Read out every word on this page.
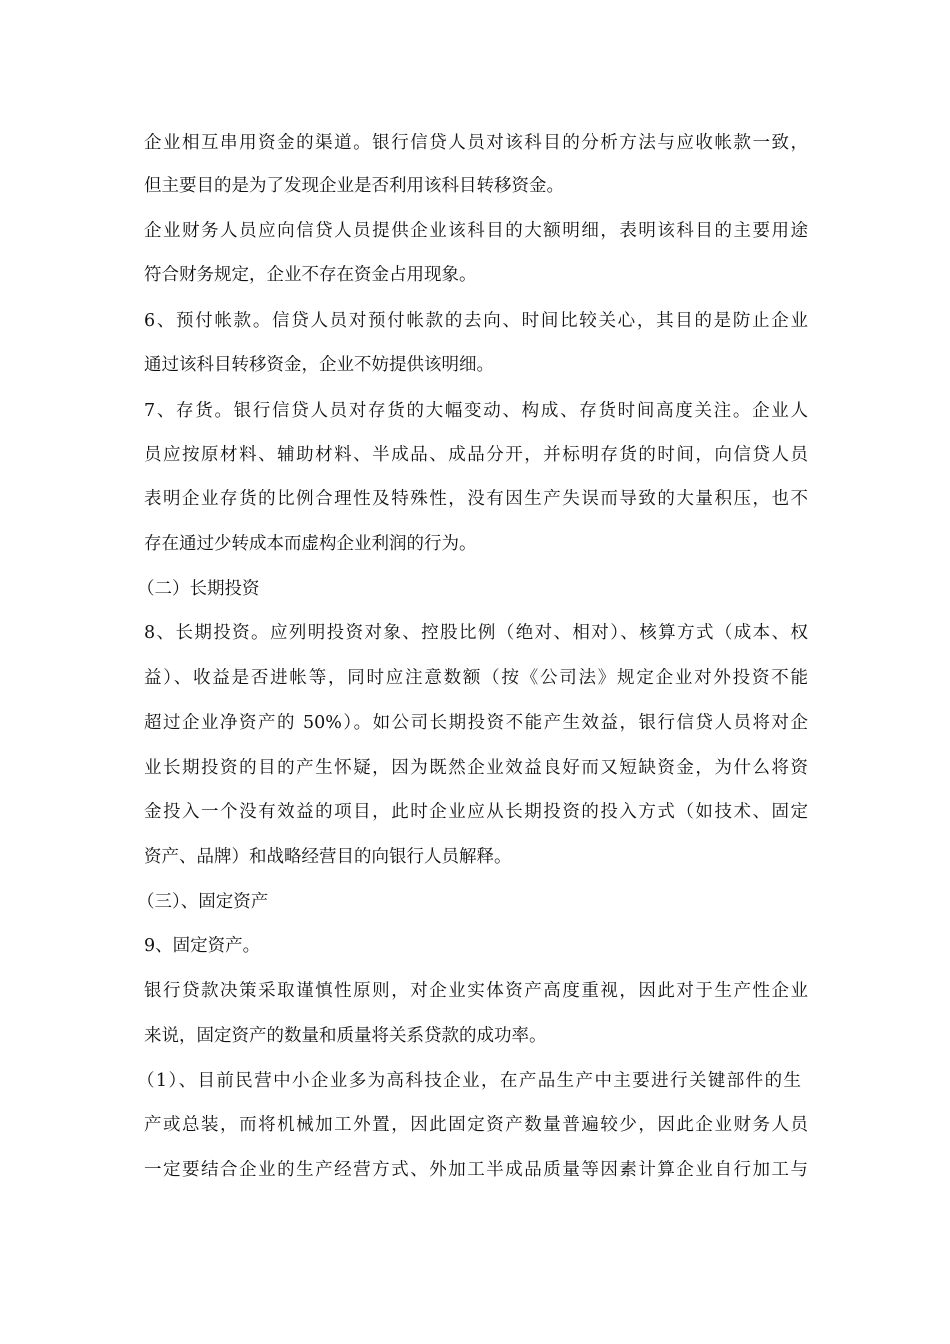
企业相互串用资金的渠道。银行信贷人员对该科目的分析方法与应收帐款一致，

但主要目的是为了发现企业是否利用该科目转移资金。

企业财务人员应向信贷人员提供企业该科目的大额明细，表明该科目的主要用途

符合财务规定，企业不存在资金占用现象。

6、预付帐款。信贷人员对预付帐款的去向、时间比较关心，其目的是防止企业

通过该科目转移资金，企业不妨提供该明细。

7、存货。银行信贷人员对存货的大幅变动、构成、存货时间高度关注。企业人

员应按原材料、辅助材料、半成品、成品分开，并标明存货的时间，向信贷人员

表明企业存货的比例合理性及特殊性，没有因生产失误而导致的大量积压，也不

存在通过少转成本而虚构企业利润的行为。

（二）长期投资

8、长期投资。应列明投资对象、控股比例（绝对、相对）、核算方式（成本、权

益）、收益是否进帐等，同时应注意数额（按《公司法》规定企业对外投资不能

超过企业净资产的 50%）。如公司长期投资不能产生效益，银行信贷人员将对企

业长期投资的目的产生怀疑，因为既然企业效益良好而又短缺资金，为什么将资

金投入一个没有效益的项目，此时企业应从长期投资的投入方式（如技术、固定

资产、品牌）和战略经营目的向银行人员解释。

（三）、固定资产

9、固定资产。

银行贷款决策采取谨慎性原则，对企业实体资产高度重视，因此对于生产性企业

来说，固定资产的数量和质量将关系贷款的成功率。

（1）、目前民营中小企业多为高科技企业，在产品生产中主要进行关键部件的生

产或总装，而将机械加工外置，因此固定资产数量普遍较少，因此企业财务人员

一定要结合企业的生产经营方式、外加工半成品质量等因素计算企业自行加工与
